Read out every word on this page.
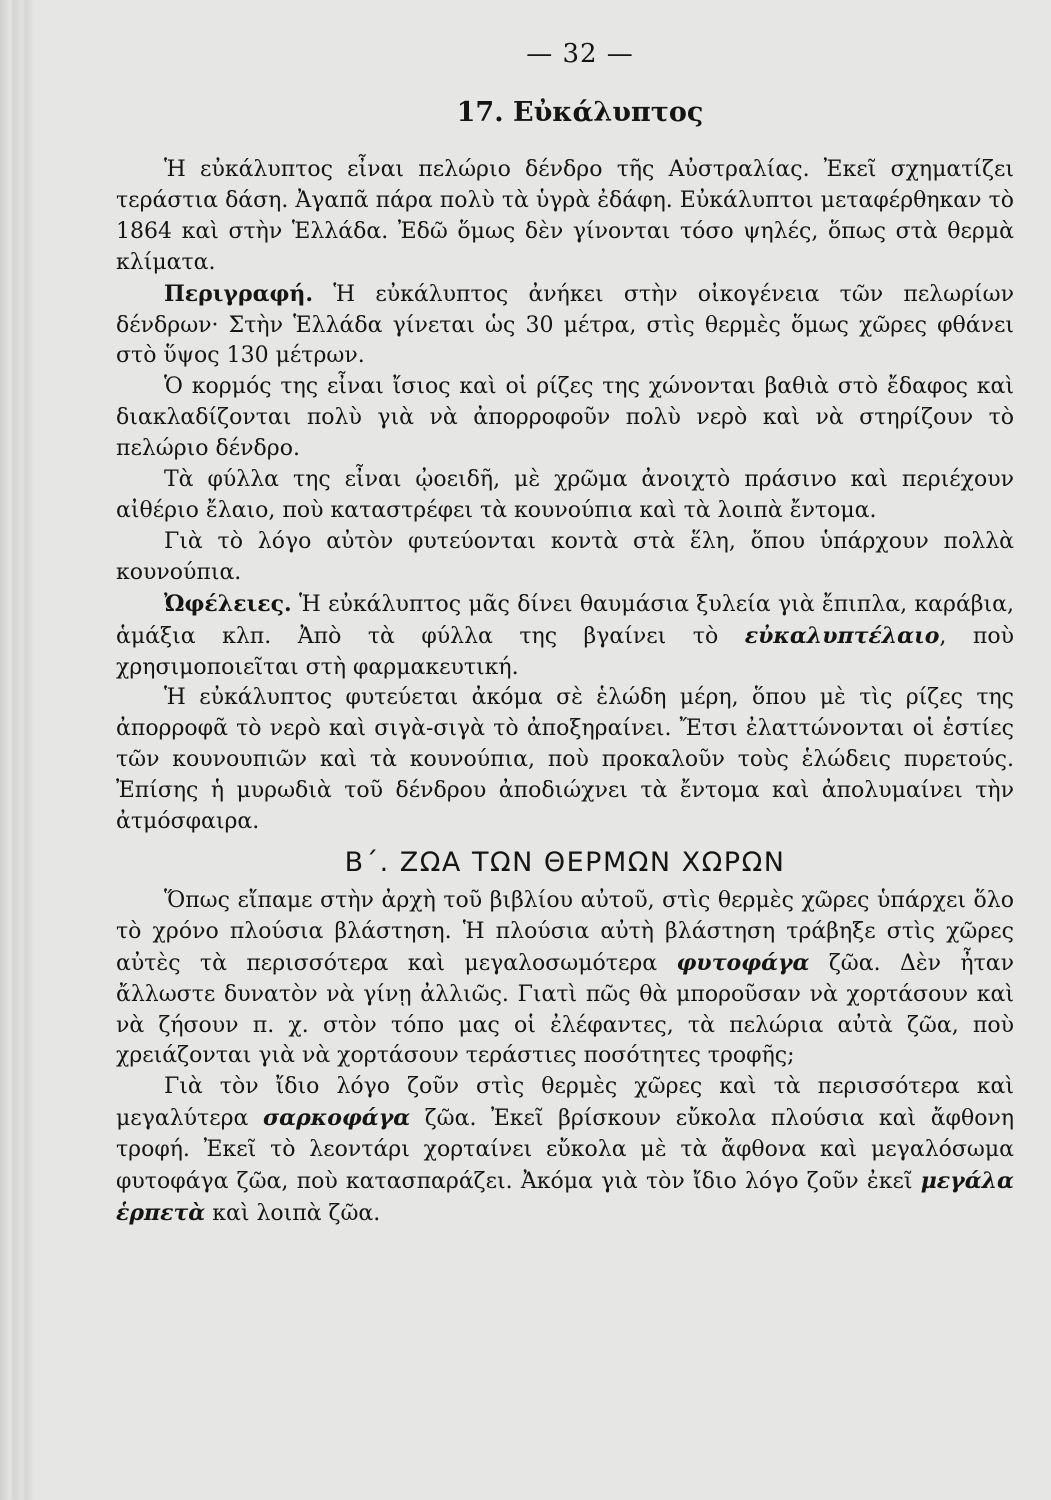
— 32 —
17. Εὐκάλυπτος

Ἡ εὐκάλυπτος εἶναι πελώριο δένδρο τῆς Αὐστραλίας. Ἐκεῖ σχηματίζει τεράστια δάση. Ἀγαπᾶ πάρα πολὺ τὰ ὑγρὰ ἐδάφη. Εὐκάλυπτοι μεταφέρθηκαν τὸ 1864 καὶ στὴν Ἑλλάδα. Ἐδῶ ὅμως δὲν γίνονται τόσο ψηλές, ὅπως στὰ θερμὰ κλίματα.

Περιγραφή. Ἡ εὐκάλυπτος ἀνήκει στὴν οἰκογένεια τῶν πελωρίων δένδρων· Στὴν Ἑλλάδα γίνεται ὡς 30 μέτρα, στὶς θερμὲς ὅμως χῶρες φθάνει στὸ ὕψος 130 μέτρων.

Ὁ κορμός της εἶναι ἴσιος καὶ οἱ ρίζες της χώνονται βαθιὰ στὸ ἔδαφος καὶ διακλαδίζονται πολὺ γιὰ νὰ ἀπορροφοῦν πολὺ νερὸ καὶ νὰ στηρίζουν τὸ πελώριο δένδρο.

Τὰ φύλλα της εἶναι ᾠοειδῆ, μὲ χρῶμα ἀνοιχτὸ πράσινο καὶ περιέχουν αἰθέριο ἔλαιο, ποὺ καταστρέφει τὰ κουνούπια καὶ τὰ λοιπὰ ἔντομα.

Γιὰ τὸ λόγο αὐτὸν φυτεύονται κοντὰ στὰ ἕλη, ὅπου ὑπάρχουν πολλὰ κουνούπια.

Ὠφέλειες. Ἡ εὐκάλυπτος μᾶς δίνει θαυμάσια ξυλεία γιὰ ἔπιπλα, καράβια, ἁμάξια κλπ. Ἀπὸ τὰ φύλλα της βγαίνει τὸ εὐκαλυπτέλαιο, ποὺ χρησιμοποιεῖται στὴ φαρμακευτική.

Ἡ εὐκάλυπτος φυτεύεται ἀκόμα σὲ ἑλώδη μέρη, ὅπου μὲ τὶς ρίζες της ἀπορροφᾶ τὸ νερὸ καὶ σιγὰ-σιγὰ τὸ ἀποξηραίνει. Ἔτσι ἐλαττώνονται οἱ ἑστίες τῶν κουνουπιῶν καὶ τὰ κουνούπια, ποὺ προκαλοῦν τοὺς ἑλώδεις πυρετούς. Ἐπίσης ἡ μυρωδιὰ τοῦ δένδρου ἀποδιώχνει τὰ ἔντομα καὶ ἀπολυμαίνει τὴν ἀτμόσφαιρα.

Β΄. ΖΩΑ ΤΩΝ ΘΕΡΜΩΝ ΧΩΡΩΝ

Ὅπως εἴπαμε στὴν ἀρχὴ τοῦ βιβλίου αὐτοῦ, στὶς θερμὲς χῶρες ὑπάρχει ὅλο τὸ χρόνο πλούσια βλάστηση. Ἡ πλούσια αὐτὴ βλάστηση τράβηξε στὶς χῶρες αὐτὲς τὰ περισσότερα καὶ μεγαλοσωμότερα φυτοφάγα ζῶα. Δὲν ἦταν ἄλλωστε δυνατὸν νὰ γίνῃ ἀλλιῶς. Γιατὶ πῶς θὰ μποροῦσαν νὰ χορτάσουν καὶ νὰ ζήσουν π. χ. στὸν τόπο μας οἱ ἐλέφαντες, τὰ πελώρια αὐτὰ ζῶα, ποὺ χρειάζονται γιὰ νὰ χορτάσουν τεράστιες ποσότητες τροφῆς;

Γιὰ τὸν ἴδιο λόγο ζοῦν στὶς θερμὲς χῶρες καὶ τὰ περισσότερα καὶ μεγαλύτερα σαρκοφάγα ζῶα. Ἐκεῖ βρίσκουν εὔκολα πλούσια καὶ ἄφθονη τροφή. Ἐκεῖ τὸ λεοντάρι χορταίνει εὔκολα μὲ τὰ ἄφθονα καὶ μεγαλόσωμα φυτοφάγα ζῶα, ποὺ κατασπαράζει. Ἀκόμα γιὰ τὸν ἴδιο λόγο ζοῦν ἐκεῖ μεγάλα ἑρπετὰ καὶ λοιπὰ ζῶα.
